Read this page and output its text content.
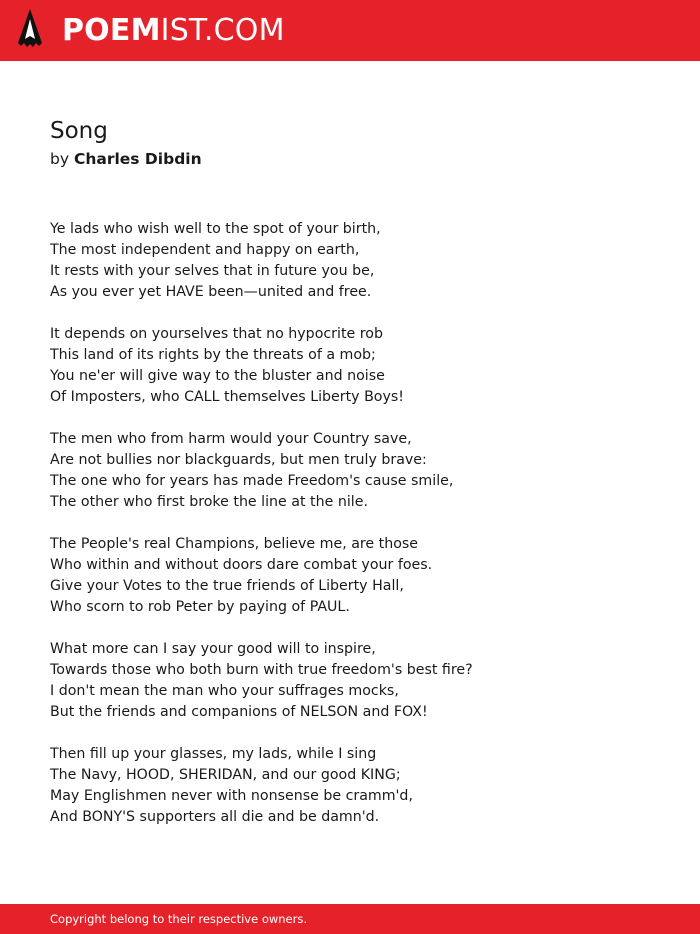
POEMIST.COM
Song
by Charles Dibdin
Ye lads who wish well to the spot of your birth,
The most independent and happy on earth,
It rests with your selves that in future you be,
As you ever yet HAVE been—united and free.
It depends on yourselves that no hypocrite rob
This land of its rights by the threats of a mob;
You ne'er will give way to the bluster and noise
Of Imposters, who CALL themselves Liberty Boys!
The men who from harm would your Country save,
Are not bullies nor blackguards, but men truly brave:
The one who for years has made Freedom's cause smile,
The other who first broke the line at the nile.
The People's real Champions, believe me, are those
Who within and without doors dare combat your foes.
Give your Votes to the true friends of Liberty Hall,
Who scorn to rob Peter by paying of PAUL.
What more can I say your good will to inspire,
Towards those who both burn with true freedom's best fire?
I don't mean the man who your suffrages mocks,
But the friends and companions of NELSON and FOX!
Then fill up your glasses, my lads, while I sing
The Navy, HOOD, SHERIDAN, and our good KING;
May Englishmen never with nonsense be cramm'd,
And BONY'S supporters all die and be damn'd.
Copyright belong to their respective owners.
